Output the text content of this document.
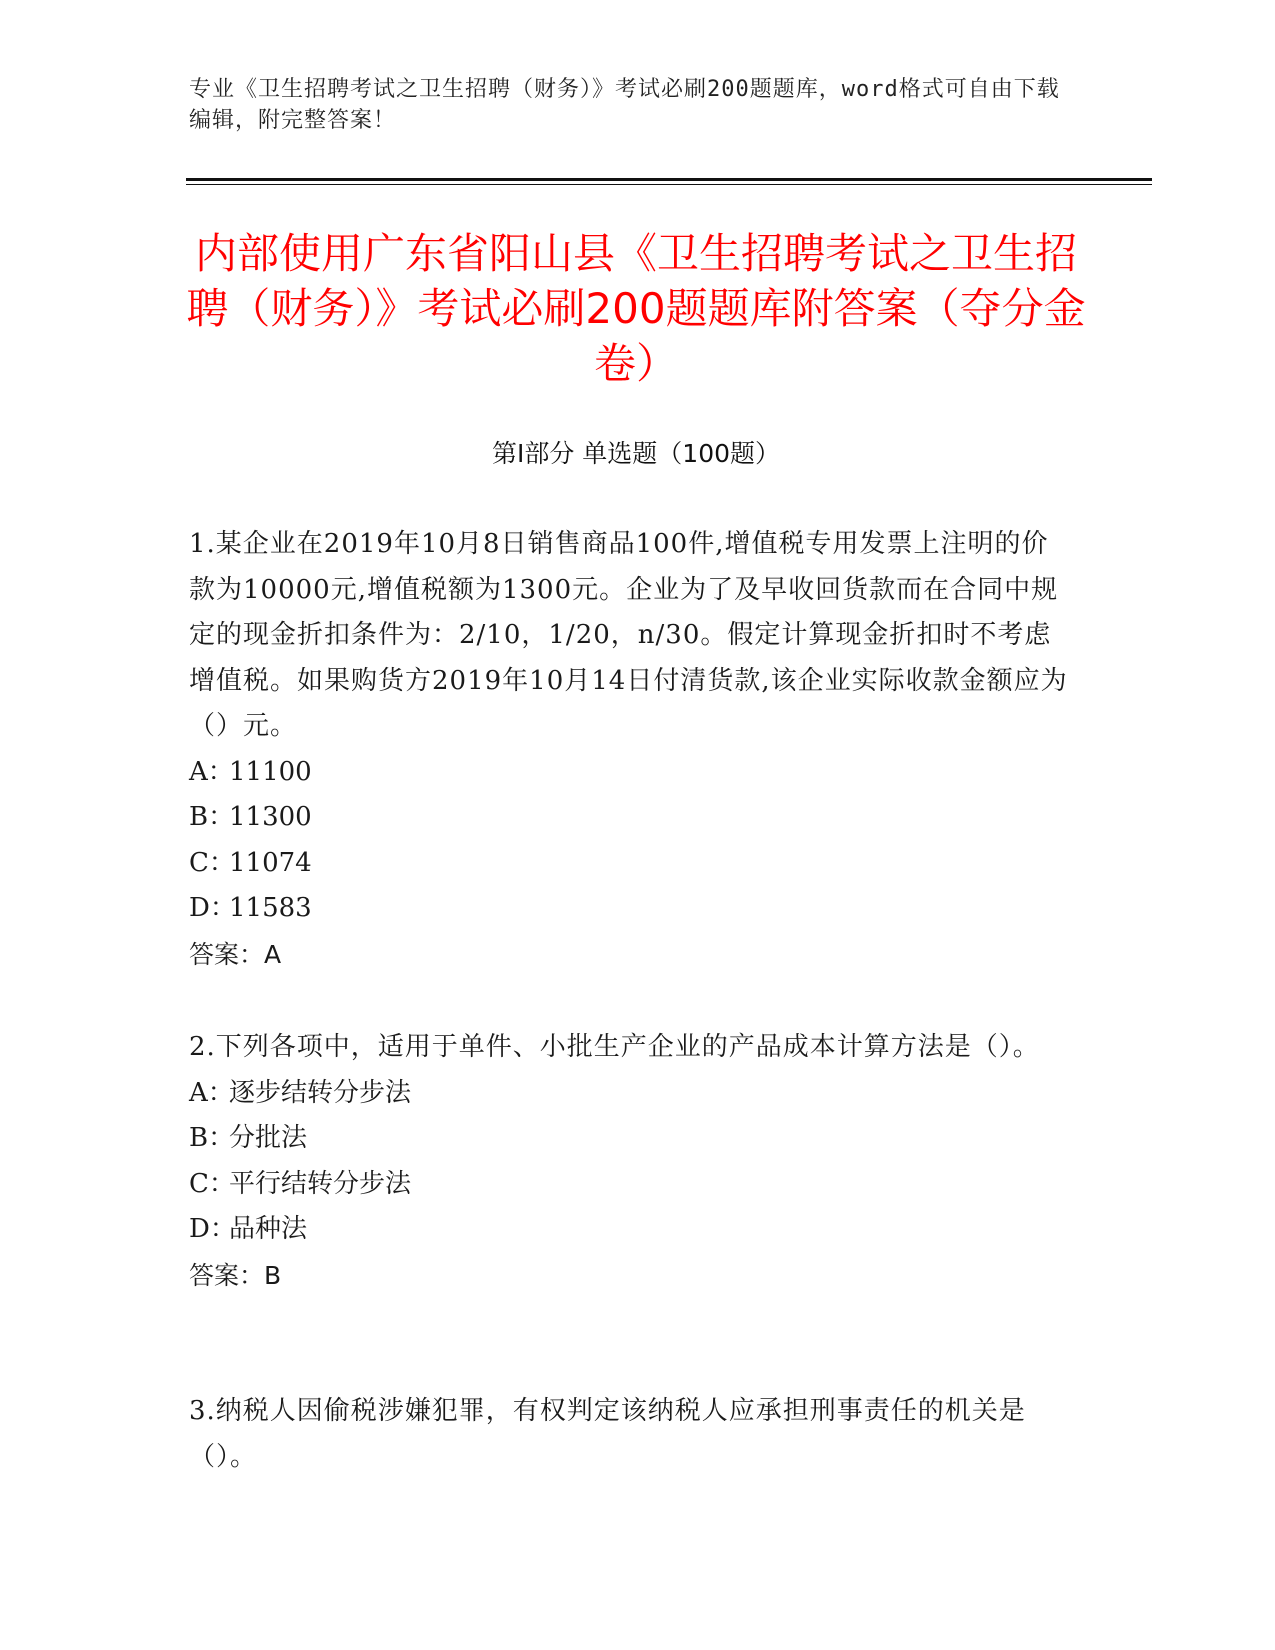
专业《卫生招聘考试之卫生招聘（财务）》考试必刷200题题库，word格式可自由下载编辑，附完整答案！
内部使用广东省阳山县《卫生招聘考试之卫生招聘（财务）》考试必刷200题题库附答案（夺分金卷）
第I部分 单选题（100题）

1.某企业在2019年10月8日销售商品100件,增值税专用发票上注明的价款为10000元,增值税额为1300元。企业为了及早收回货款而在合同中规定的现金折扣条件为：2/10，1/20，n/30。假定计算现金折扣时不考虑增值税。如果购货方2019年10月14日付清货款,该企业实际收款金额应为（）元。

A：11100

B：11300

C：11074

D：11583

答案：A

2.下列各项中，适用于单件、小批生产企业的产品成本计算方法是（）。

A：逐步结转分步法

B：分批法

C：平行结转分步法

D：品种法

答案：B

3.纳税人因偷税涉嫌犯罪，有权判定该纳税人应承担刑事责任的机关是（）。
